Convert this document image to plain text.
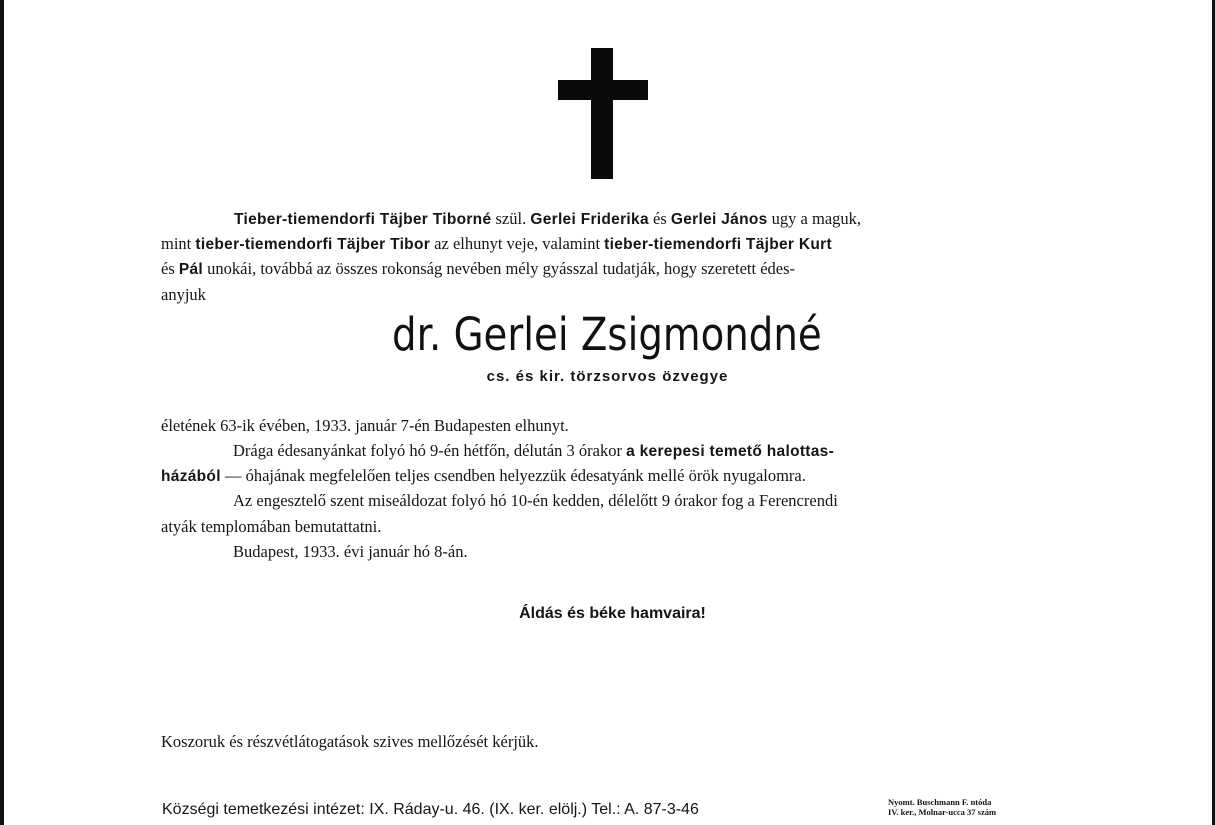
Tieber-tiemendorfi Täjber Tiborné szül. Gerlei Friderika és Gerlei János ugy a maguk,
mint tieber-tiemendorfi Täjber Tibor az elhunyt veje, valamint tieber-tiemendorfi Täjber Kurt
és Pál unokái, továbbá az összes rokonság nevében mély gyásszal tudatják, hogy szeretett édes-
anyjuk
dr. Gerlei Zsigmondné
cs. és kir. törzsorvos özvegye
életének 63-ik évében, 1933. január 7-én Budapesten elhunyt.
Drága édesanyánkat folyó hó 9-én hétfőn, délután 3 órakor a kerepesi temető halottas-
házából — óhajának megfelelően teljes csendben helyezzük édesatyánk mellé örök nyugalomra.
Az engesztelő szent miseáldozat folyó hó 10-én kedden, délelőtt 9 órakor fog a Ferencrendi
atyák templomában bemutattatni.
Budapest, 1933. évi január hó 8-án.
Áldás és béke hamvaira!
Koszoruk és részvétlátogatások szives mellőzését kérjük.
Községi temetkezési intézet: IX. Ráday-u. 46. (IX. ker. elölj.) Tel.: A. 87-3-46	Nyomt. Buschmann F. ntóda
IV. ker., Molnar-ucca 37 szám
